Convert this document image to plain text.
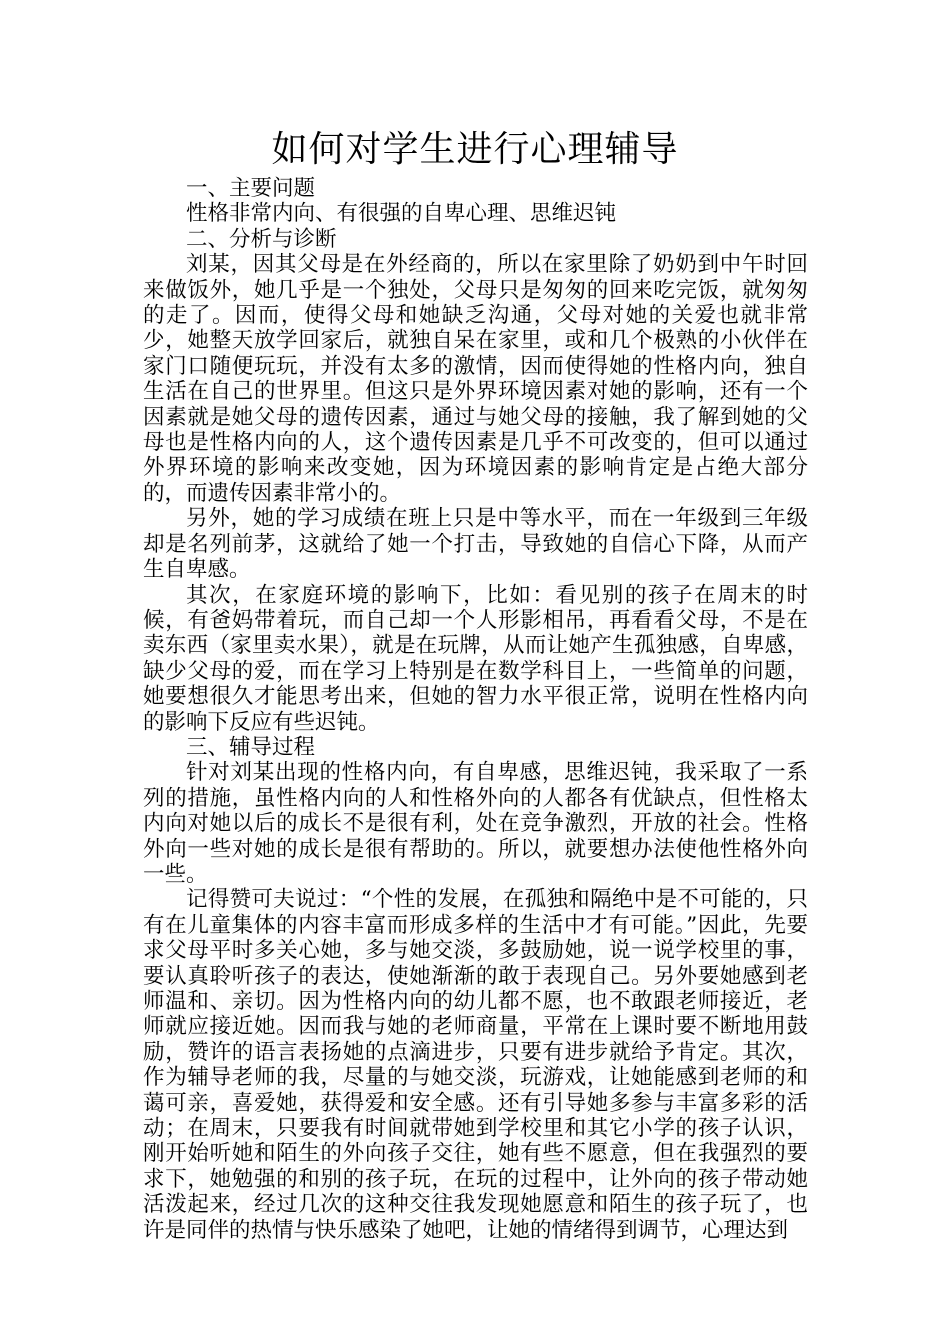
如何对学生进行心理辅导

一、主要问题

性格非常内向、有很强的自卑心理、思维迟钝

二、分析与诊断

刘某，因其父母是在外经商的，所以在家里除了奶奶到中午时回来做饭外，她几乎是一个独处，父母只是匆匆的回来吃完饭，就匆匆的走了。因而，使得父母和她缺乏沟通，父母对她的关爱也就非常少，她整天放学回家后，就独自呆在家里，或和几个极熟的小伙伴在家门口随便玩玩，并没有太多的激情，因而使得她的性格内向，独自生活在自己的世界里。但这只是外界环境因素对她的影响，还有一个因素就是她父母的遗传因素，通过与她父母的接触，我了解到她的父母也是性格内向的人，这个遗传因素是几乎不可改变的，但可以通过外界环境的影响来改变她，因为环境因素的影响肯定是占绝大部分的，而遗传因素非常小的。

另外，她的学习成绩在班上只是中等水平，而在一年级到三年级却是名列前茅，这就给了她一个打击，导致她的自信心下降，从而产生自卑感。

其次，在家庭环境的影响下，比如：看见别的孩子在周末的时候，有爸妈带着玩，而自己却一个人形影相吊，再看看父母，不是在卖东西（家里卖水果），就是在玩牌，从而让她产生孤独感，自卑感，缺少父母的爱，而在学习上特别是在数学科目上，一些简单的问题，她要想很久才能思考出来，但她的智力水平很正常，说明在性格内向的影响下反应有些迟钝。

三、辅导过程

针对刘某出现的性格内向，有自卑感，思维迟钝，我采取了一系列的措施，虽性格内向的人和性格外向的人都各有优缺点，但性格太内向对她以后的成长不是很有利，处在竞争激烈，开放的社会。性格外向一些对她的成长是很有帮助的。所以，就要想办法使他性格外向一些。

记得赞可夫说过：“个性的发展，在孤独和隔绝中是不可能的，只有在儿童集体的内容丰富而形成多样的生活中才有可能。”因此，先要求父母平时多关心她，多与她交淡，多鼓励她，说一说学校里的事，要认真聆听孩子的表达，使她渐渐的敢于表现自己。另外要她感到老师温和、亲切。因为性格内向的幼儿都不愿，也不敢跟老师接近，老师就应接近她。因而我与她的老师商量，平常在上课时要不断地用鼓励，赞许的语言表扬她的点滴进步，只要有进步就给予肯定。其次，作为辅导老师的我，尽量的与她交淡，玩游戏，让她能感到老师的和蔼可亲，喜爱她，获得爱和安全感。还有引导她多参与丰富多彩的活动；在周末，只要我有时间就带她到学校里和其它小学的孩子认识，刚开始听她和陌生的外向孩子交往，她有些不愿意，但在我强烈的要求下，她勉强的和别的孩子玩，在玩的过程中，让外向的孩子带动她活泼起来，经过几次的这种交往我发现她愿意和陌生的孩子玩了，也许是同伴的热情与快乐感染了她吧，让她的情绪得到调节，心理达到
